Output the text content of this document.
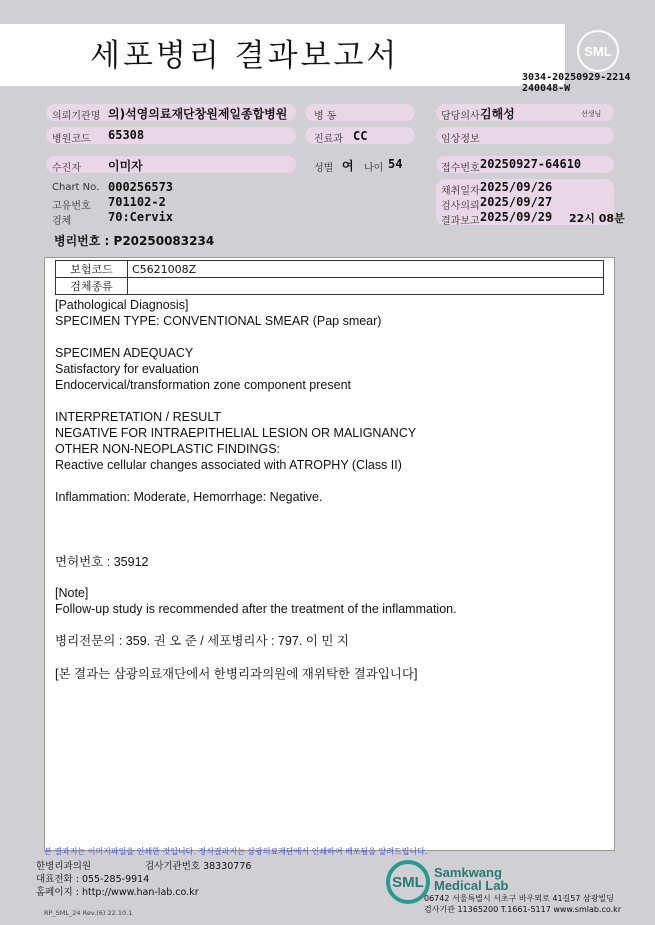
세포병리 결과보고서	SML
3034-20250929-2214
240048-W
의뢰기관명 의)석영의료재단창원제일종합병원	병 동	담당의사 김해성	선생님
병원코드 65308	진료과 CC	임상정보
수진자 이미자	성별 여 나이 54	접수번호 20250927-64610
Chart No. 000256573
고유번호 701102-2
검체	70:Cervix
채취일자 2025/09/26
검사의뢰 2025/09/27
결과보고 2025/09/29 22시 08분
병리번호 : P20250083234
보험코드	C5621008Z
검체종류	
[Pathological Diagnosis]
SPECIMEN TYPE: CONVENTIONAL SMEAR (Pap smear)
SPECIMEN ADEQUACY
Satisfactory for evaluation
Endocervical/transformation zone component present
INTERPRETATION / RESULT
NEGATIVE FOR INTRAEPITHELIAL LESION OR MALIGNANCY
OTHER NON-NEOPLASTIC FINDINGS:
Reactive cellular changes associated with ATROPHY (Class II)
Inflammation: Moderate, Hemorrhage: Negative.
면허번호 : 35912
[Note]
Follow-up study is recommended after the treatment of the inflammation.
병리전문의 : 359. 권 오 준 / 세포병리사 : 797. 이 민 지
[본 결과는 삼광의료재단에서 한병리과의원에 재위탁한 결과입니다]
본 결과지는 이미지파일을 인쇄한 것입니다. 정식결과지는 삼광의료재단에서 인쇄하여 배포됨을 알려드립니다.
한병리과의원	검사기관번호 38330776
대표전화 : 055-285-9914
홈페이지 : http://www.han-lab.co.kr
RP_SML_24 Rev.(6) 22.10.1
SML
Samkwang
Medical Lab
06742 서울특별시 서초구 바우뫼로 41길57 삼광빌딩
검사기관 11365200 T.1661-5117 www.smlab.co.kr
